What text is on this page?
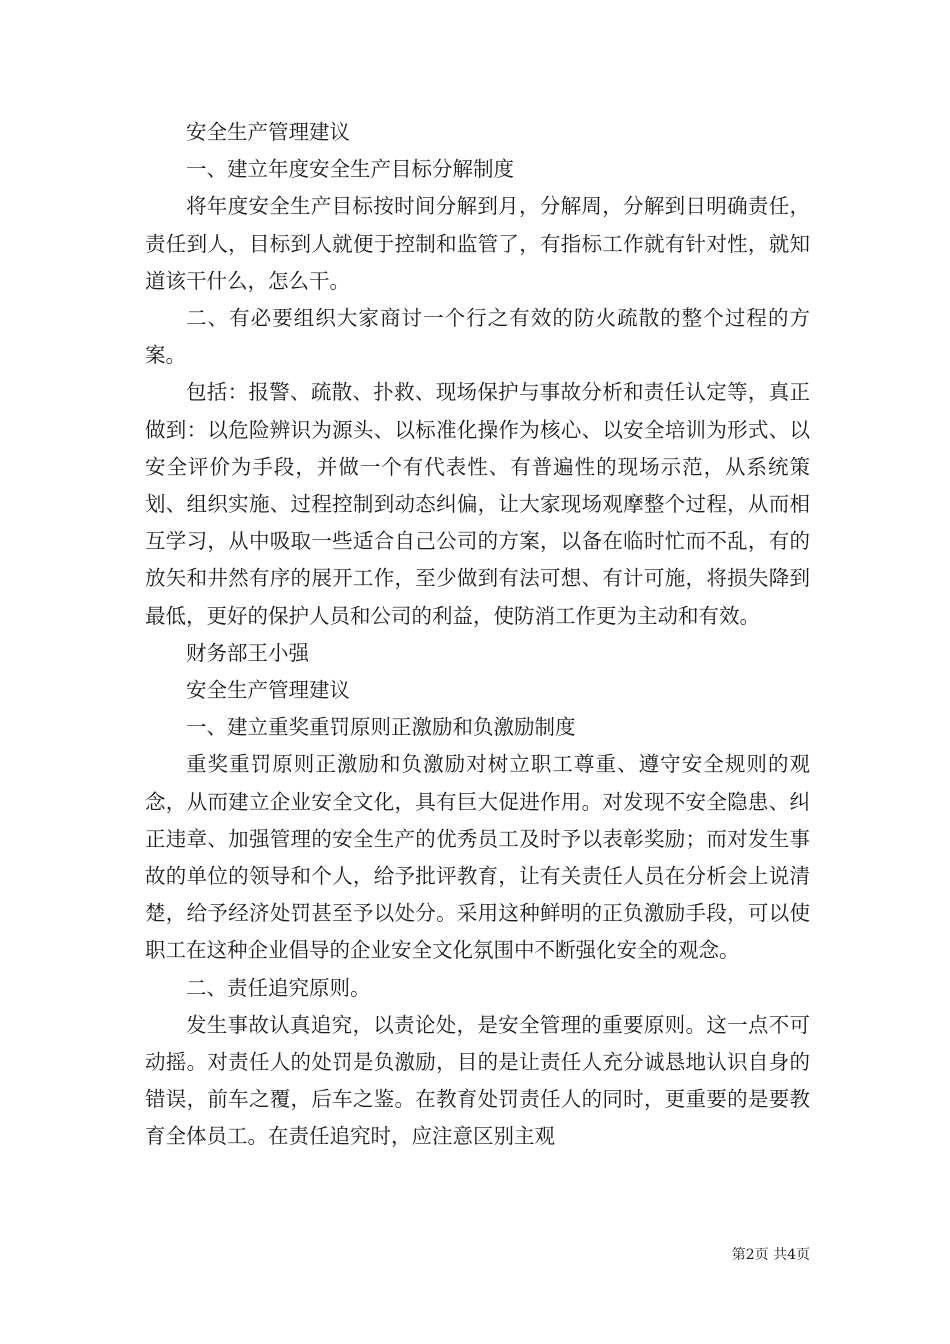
安全生产管理建议

一、建立年度安全生产目标分解制度

将年度安全生产目标按时间分解到月，分解周，分解到日明确责任，责任到人，目标到人就便于控制和监管了，有指标工作就有针对性，就知道该干什么，怎么干。

二、有必要组织大家商讨一个行之有效的防火疏散的整个过程的方案。

包括：报警、疏散、扑救、现场保护与事故分析和责任认定等，真正做到：以危险辨识为源头、以标准化操作为核心、以安全培训为形式、以安全评价为手段，并做一个有代表性、有普遍性的现场示范，从系统策划、组织实施、过程控制到动态纠偏，让大家现场观摩整个过程，从而相互学习，从中吸取一些适合自己公司的方案，以备在临时忙而不乱，有的放矢和井然有序的展开工作，至少做到有法可想、有计可施，将损失降到最低，更好的保护人员和公司的利益，使防消工作更为主动和有效。

财务部王小强

安全生产管理建议

一、建立重奖重罚原则正激励和负激励制度

重奖重罚原则正激励和负激励对树立职工尊重、遵守安全规则的观念，从而建立企业安全文化，具有巨大促进作用。对发现不安全隐患、纠正违章、加强管理的安全生产的优秀员工及时予以表彰奖励；而对发生事故的单位的领导和个人，给予批评教育，让有关责任人员在分析会上说清楚，给予经济处罚甚至予以处分。采用这种鲜明的正负激励手段，可以使职工在这种企业倡导的企业安全文化氛围中不断强化安全的观念。

二、责任追究原则。

发生事故认真追究，以责论处，是安全管理的重要原则。这一点不可动摇。对责任人的处罚是负激励，目的是让责任人充分诚恳地认识自身的错误，前车之覆，后车之鉴。在教育处罚责任人的同时，更重要的是要教育全体员工。在责任追究时，应注意区别主观

第2页 共4页
